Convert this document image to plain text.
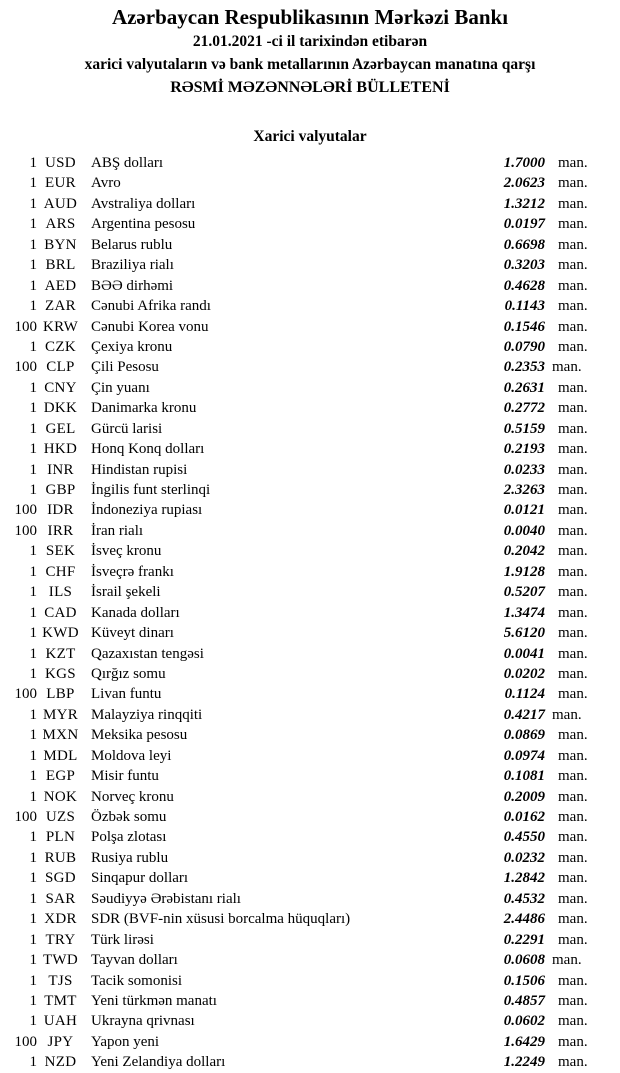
Azərbaycan Respublikasının Mərkəzi Bankı
21.01.2021 -ci il tarixindən etibarən
xarici valyutaların və bank metallarının Azərbaycan manatına qarşı
RƏSMİ MƏZƏNNƏLƏRİ BÜLLETENİ
Xarici valyutalar
1 USD	ABŞ dolları	1.7000 man.
1 EUR	Avro	2.0623 man.
1 AUD Avstraliya dolları	1.3212 man.
1 ARS	Argentina pesosu	0.0197 man.
1 BYN Belarus rublu	0.6698 man.
1 BRL	Braziliya rialı	0.3203 man.
1 AED BƏƏ dirhəmi	0.4628 man.
1 ZAR	Cənubi Afrika randı	0.1143 man.
100 KRW Cənubi Korea vonu	0.1546 man.
1 CZK	Çexiya kronu	0.0790 man.
100 CLP	Çili Pesosu	0.2353 man.
1 CNY Çin yuanı	0.2631 man.
1 DKK Danimarka kronu	0.2772 man.
1 GEL	Gürcü larisi	0.5159 man.
1 HKD Honq Konq dolları	0.2193 man.
1 INR	Hindistan rupisi	0.0233 man.
1 GBP	İngilis funt sterlinqi	2.3263 man.
100 IDR	İndoneziya rupiası	0.0121 man.
100 IRR	İran rialı	0.0040 man.
1 SEK	İsveç kronu	0.2042 man.
1 CHF	İsveçrə frankı	1.9128 man.
1 ILS	İsrail şekeli	0.5207 man.
1 CAD Kanada dolları	1.3474 man.
1 KWD Küveyt dinarı	5.6120 man.
1 KZT	Qazaxıstan tengəsi	0.0041 man.
1 KGS	Qırğız somu	0.0202 man.
100 LBP	Livan funtu	0.1124 man.
1 MYR Malayziya rinqqiti	0.4217 man.
1 MXN Meksika pesosu	0.0869 man.
1 MDL Moldova leyi	0.0974 man.
1 EGP	Misir funtu	0.1081 man.
1 NOK Norveç kronu	0.2009 man.
100 UZS	Özbək somu	0.0162 man.
1 PLN	Polşa zlotası	0.4550 man.
1 RUB Rusiya rublu	0.0232 man.
1 SGD	Sinqapur dolları	1.2842 man.
1 SAR	Səudiyyə Ərəbistanı rialı	0.4532 man.
1 XDR SDR (BVF-nin xüsusi borcalma hüquqları)	2.4486 man.
1 TRY	Türk lirəsi	0.2291 man.
1 TWD Tayvan dolları	0.0608 man.
1 TJS	Tacik somonisi	0.1506 man.
1 TMT Yeni türkmən manatı	0.4857 man.
1 UAH Ukrayna qrivnası	0.0602 man.
100 JPY	Yapon yeni	1.6429 man.
1 NZD Yeni Zelandiya dolları	1.2249 man.
